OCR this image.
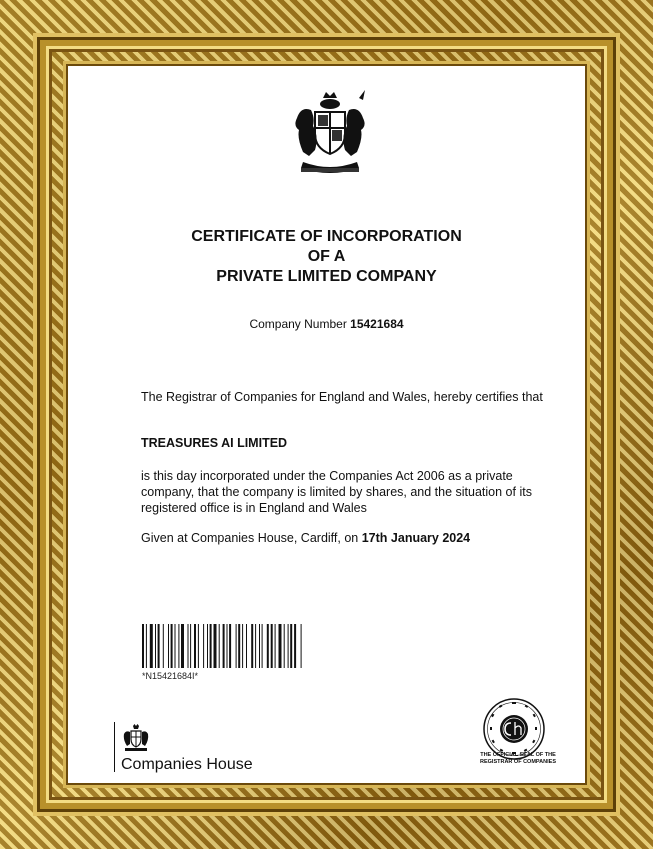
CERTIFICATE OF INCORPORATION
OF A
PRIVATE LIMITED COMPANY
Company Number 15421684
The Registrar of Companies for England and Wales, hereby certifies that
TREASURES AI LIMITED
is this day incorporated under the Companies Act 2006 as a private company, that the company is limited by shares, and the situation of its registered office is in England and Wales
Given at Companies House, Cardiff, on 17th January 2024
*N15421684I*
Companies House
THE OFFICIAL SEAL OF THE
REGISTRAR OF COMPANIES
